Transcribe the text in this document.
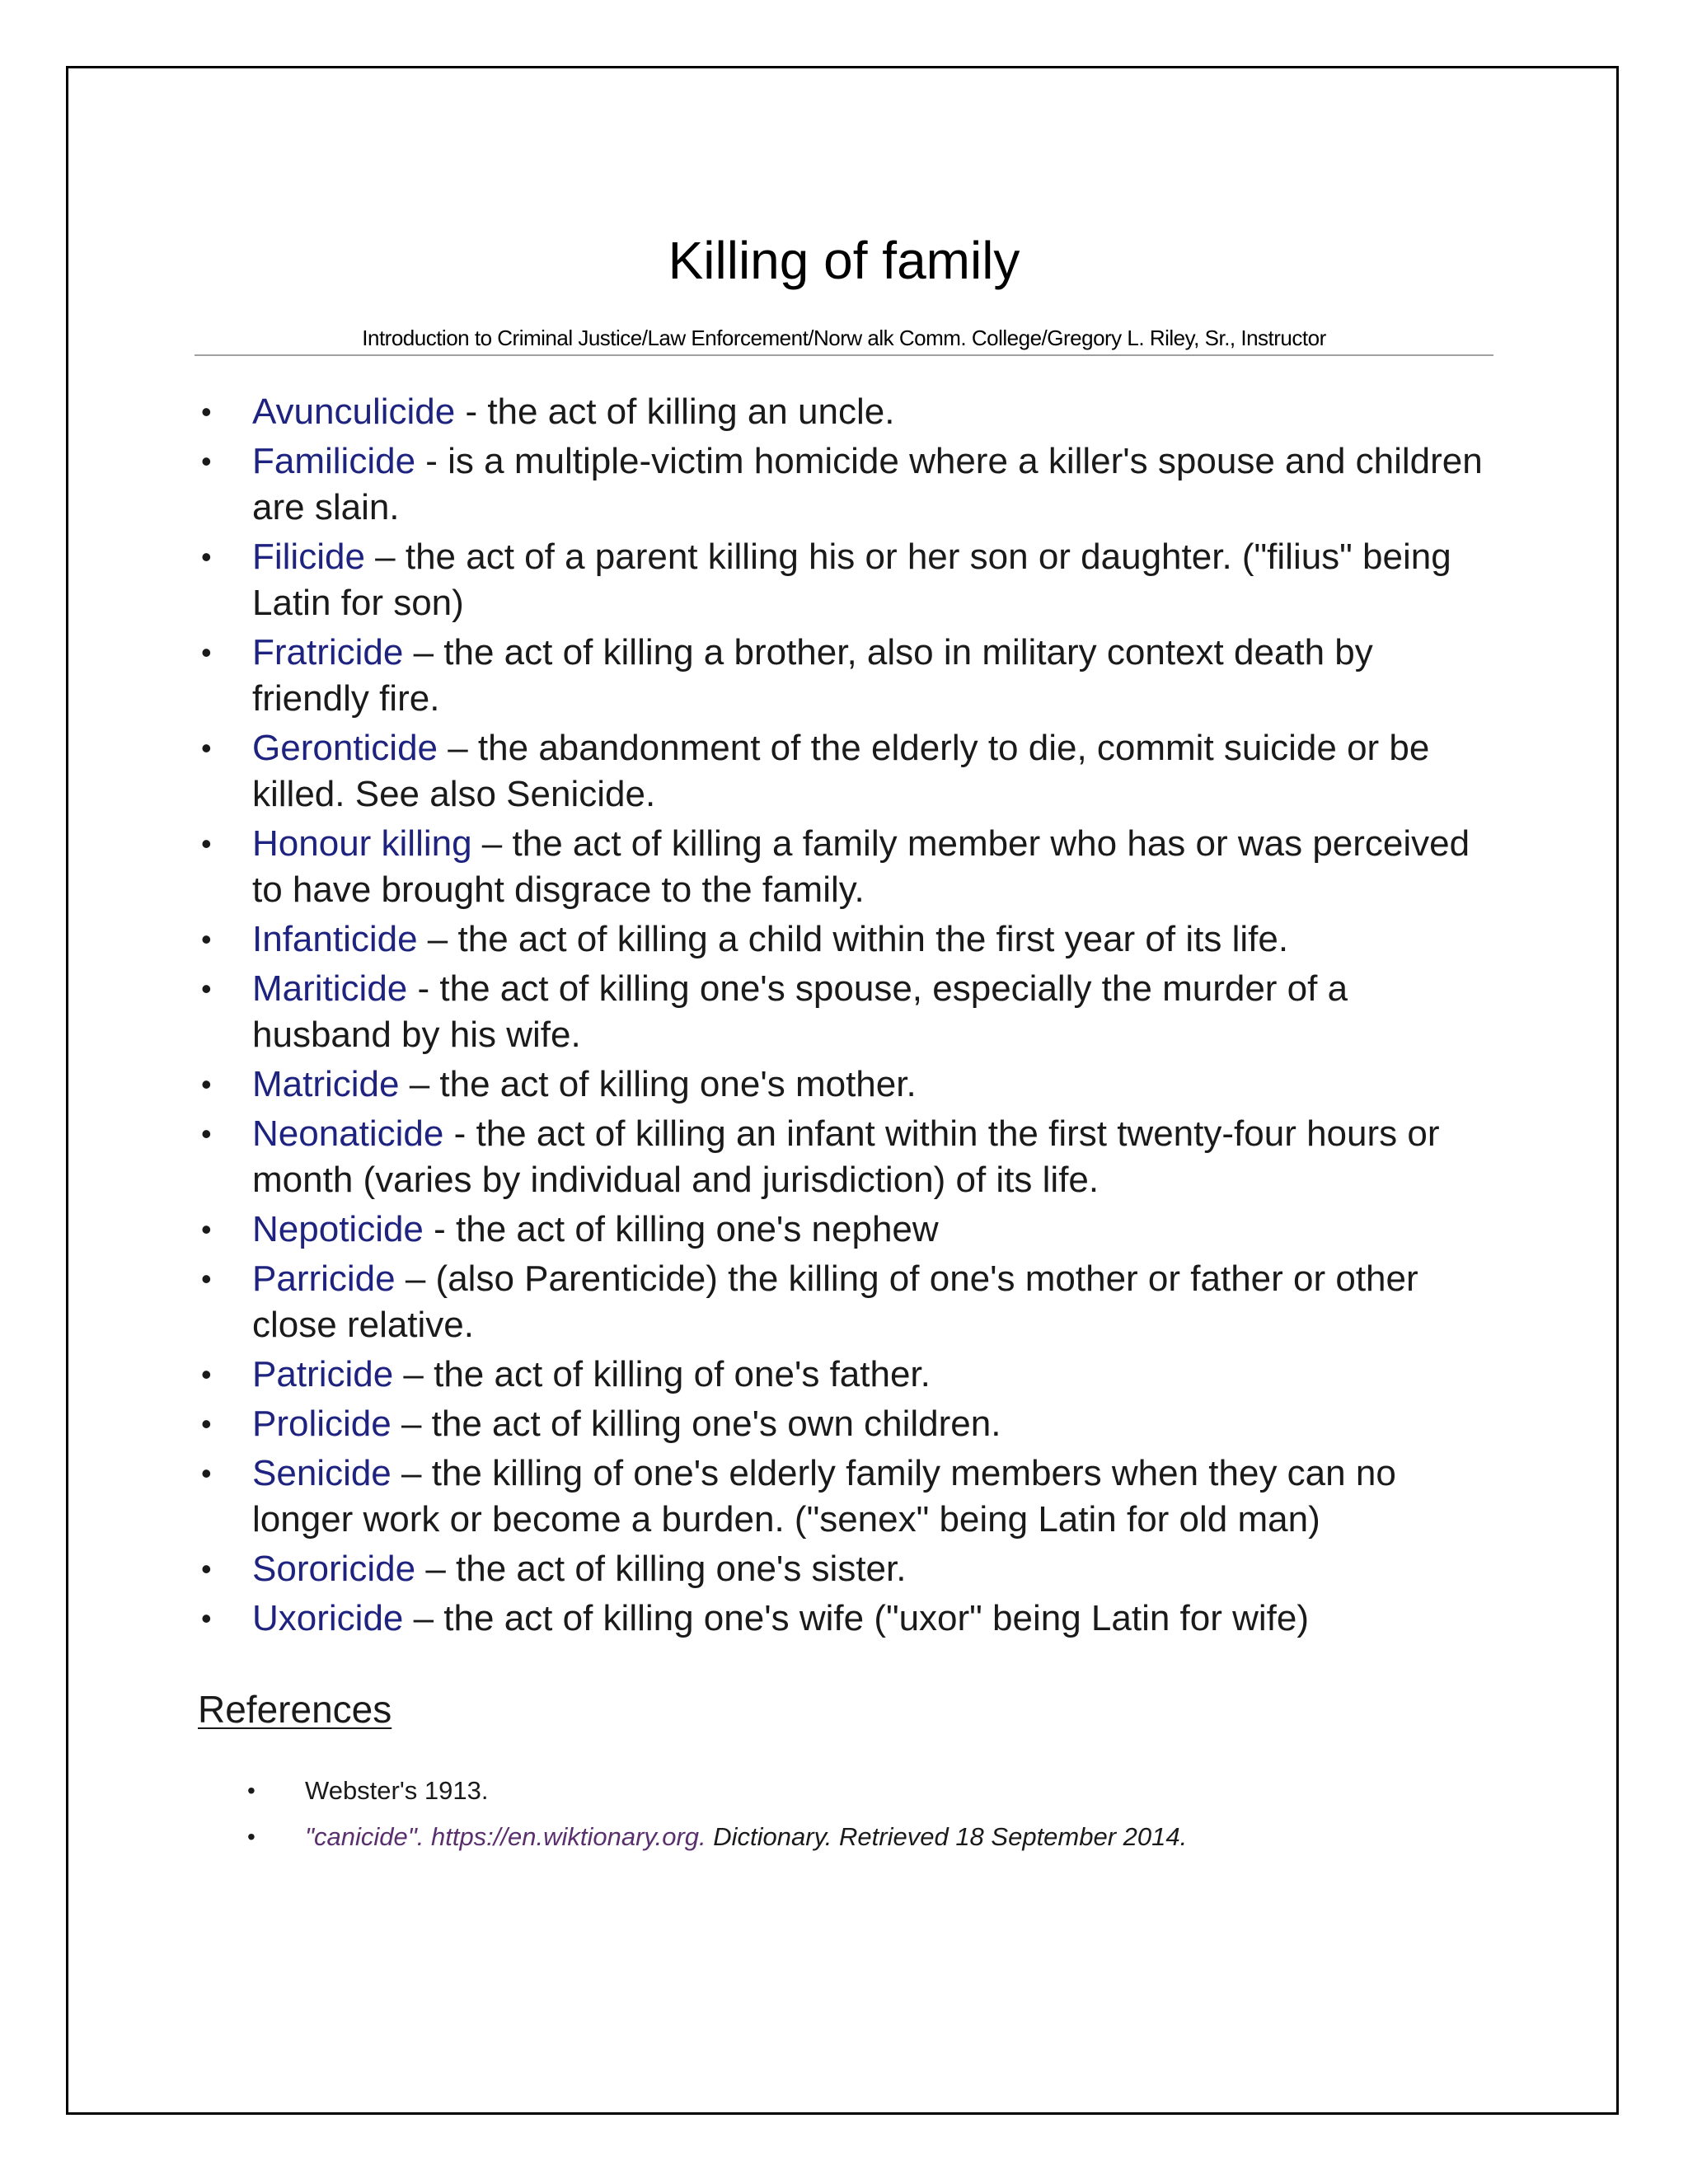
Killing of family
Introduction to Criminal Justice/Law Enforcement/Norw alk Comm. College/Gregory L. Riley, Sr., Instructor
• Avunculicide - the act of killing an uncle.
• Familicide - is a multiple-victim homicide where a killer's spouse and children are slain.
• Filicide – the act of a parent killing his or her son or daughter. ("filius" being Latin for son)
• Fratricide – the act of killing a brother, also in military context death by friendly fire.
• Geronticide – the abandonment of the elderly to die, commit suicide or be killed. See also Senicide.
• Honour killing – the act of killing a family member who has or was perceived to have brought disgrace to the family.
• Infanticide – the act of killing a child within the first year of its life.
• Mariticide - the act of killing one's spouse, especially the murder of a husband by his wife.
• Matricide – the act of killing one's mother.
• Neonaticide - the act of killing an infant within the first twenty-four hours or month (varies by individual and jurisdiction) of its life.
• Nepoticide - the act of killing one's nephew
• Parricide – (also Parenticide) the killing of one's mother or father or other close relative.
• Patricide – the act of killing of one's father.
• Prolicide – the act of killing one's own children.
• Senicide – the killing of one's elderly family members when they can no longer work or become a burden. ("senex" being Latin for old man)
• Sororicide – the act of killing one's sister.
• Uxoricide – the act of killing one's wife ("uxor" being Latin for wife)
References
• Webster's 1913.
• "canicide". https://en.wiktionary.org. Dictionary. Retrieved 18 September 2014.
